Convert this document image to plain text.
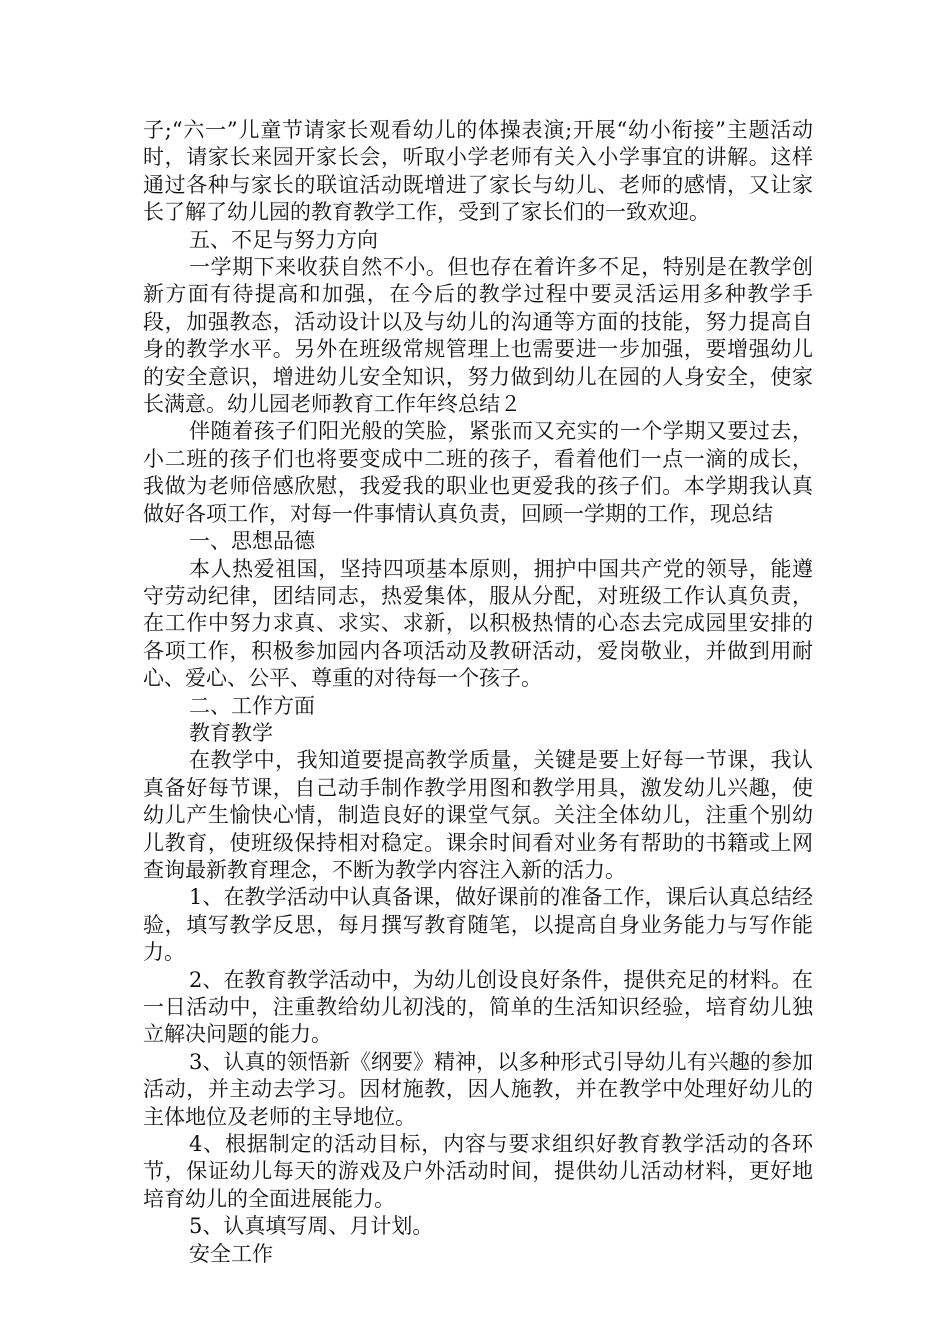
子;“六一”儿童节请家长观看幼儿的体操表演;开展“幼小衔接”主题活动时，请家长来园开家长会，听取小学老师有关入小学事宜的讲解。这样通过各种与家长的联谊活动既增进了家长与幼儿、老师的感情，又让家长了解了幼儿园的教育教学工作，受到了家长们的一致欢迎。

五、不足与努力方向

一学期下来收获自然不小。但也存在着许多不足，特别是在教学创新方面有待提高和加强，在今后的教学过程中要灵活运用多种教学手段，加强教态，活动设计以及与幼儿的沟通等方面的技能，努力提高自身的教学水平。另外在班级常规管理上也需要进一步加强，要增强幼儿的安全意识，增进幼儿安全知识，努力做到幼儿在园的人身安全，使家长满意。幼儿园老师教育工作年终总结２

伴随着孩子们阳光般的笑脸，紧张而又充实的一个学期又要过去，小二班的孩子们也将要变成中二班的孩子，看着他们一点一滴的成长，我做为老师倍感欣慰，我爱我的职业也更爱我的孩子们。本学期我认真做好各项工作，对每一件事情认真负责，回顾一学期的工作，现总结

一、思想品德

本人热爱祖国，坚持四项基本原则，拥护中国共产党的领导，能遵守劳动纪律，团结同志，热爱集体，服从分配，对班级工作认真负责，在工作中努力求真、求实、求新，以积极热情的心态去完成园里安排的各项工作，积极参加园内各项活动及教研活动，爱岗敬业，并做到用耐心、爱心、公平、尊重的对待每一个孩子。

二、工作方面

教育教学

在教学中，我知道要提高教学质量，关键是要上好每一节课，我认真备好每节课，自己动手制作教学用图和教学用具，激发幼儿兴趣，使幼儿产生愉快心情，制造良好的课堂气氛。关注全体幼儿，注重个别幼儿教育，使班级保持相对稳定。课余时间看对业务有帮助的书籍或上网查询最新教育理念，不断为教学内容注入新的活力。

1、在教学活动中认真备课，做好课前的准备工作，课后认真总结经验，填写教学反思，每月撰写教育随笔，以提高自身业务能力与写作能力。

2、在教育教学活动中，为幼儿创设良好条件，提供充足的材料。在一日活动中，注重教给幼儿初浅的，简单的生活知识经验，培育幼儿独立解决问题的能力。

3、认真的领悟新《纲要》精神，以多种形式引导幼儿有兴趣的参加活动，并主动去学习。因材施教，因人施教，并在教学中处理好幼儿的主体地位及老师的主导地位。

4、根据制定的活动目标，内容与要求组织好教育教学活动的各环节，保证幼儿每天的游戏及户外活动时间，提供幼儿活动材料，更好地培育幼儿的全面进展能力。

5、认真填写周、月计划。

安全工作
